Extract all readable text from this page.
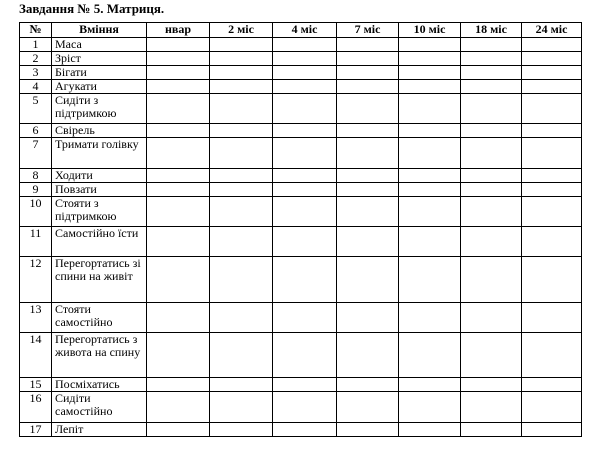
Завдання № 5. Матриця.
№	Вміння	нвар	2 міс	4 міс	7 міс	10 міс	18 міс	24 міс
1	Маса							
2	Зріст							
3	Бігати							
4	Агукати							
5	Сидіти з підтримкою							
6	Свірель							
7	Тримати голівку							
8	Ходити							
9	Повзати							
10	Стояти з підтримкою							
11	Самостійно їсти							
12	Перегортатись зі спини на живіт							
13	Стояти самостійно							
14	Перегортатись з живота на спину							
15	Посміхатись							
16	Сидіти самостійно							
17	Лепіт							
